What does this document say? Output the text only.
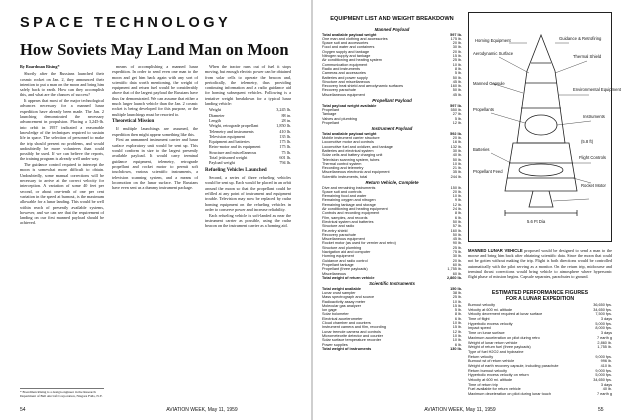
SPACE TECHNOLOGY
How Soviets May Land Man on Moon

By Boardman Rising*

Shortly after the Russians launched their cosmic rocket on Jan. 2, they announced their intention to put a man on the moon and bring him safely back to earth. How can they accomplish this, and what are the chances of success?

It appears that most of the major technological advances necessary for a manned lunar expedition have already been made. The Jan. 2 launching demonstrated the necessary advancement in propulsion. Placing a 3,245-lb. into orbit in 1957 indicated a reasonable knowledge of the techniques required to sustain life in space. The selection of personnel to make the trip should present no problems, and would undoubtedly be more volunteers than could possibly be used. If we can believe the reports, the training program is already well under way.

The guidance control required to intercept the moon is somewhat more difficult to obtain. Undoubtedly, some manual corrections will be necessary to arrive at the correct velocity for interception. A variation of some 40 feet per second, or about one-tenth of one per cent variation in the speed at burnout, is the maximum allowable for a lunar landing. This would be well within reach of presently available systems, however, and we can see that the requirement of landing on our first manned payload should be achieved.

* Boardman Rising is a design engineer in the Research Department of Bell Aircraft Corporation, Niagara Falls, N.Y.

means of accomplishing a manned lunar expedition. In order to send even one man to the moon and get him back again with any sort of scientific data worth mentioning, the weight of equipment and return fuel would be considerably above that of the largest payload the Russians have thus far demonstrated. We can assume that either a much larger launch vehicle than the Jan. 2 cosmic rocket is being developed for this purpose, or the multiple launchings must be resorted to.

Theoretical Mission

If multiple launchings are assumed, the expedition then might appear something like this.

First an unmanned instrument carrier and lunar surface exploratory unit would be sent up. This would conform in size to the largest presently available payload. It would carry terminal guidance equipment, telemetry, retrograde propellant and rocket motor to permit soft touchdown, various scientific instruments, a television scanning system, and a means of locomotion on the lunar surface. The Russians have even sent us a dummy instrument package.

When the tractor runs out of fuel it stops moving, but enough electric power can be obtained from solar cells to operate the beacon and, periodically, the telemetry, thus providing continuing information and a radio guidance aid for homing subsequent vehicles. Following is a tentative weight breakdown for a typical lunar landing vehicle:

Weight	3,245 lb.
Diameter	88 in.
Length	28 in.
Weight, retrograde propellant	1,850 lb.
Telemetry and instruments	410 lb.
Television equipment	135 lb.
Equipment and batteries	175 lb.
Retro-motor and its equipment	175 lb.
Structure and miscellaneous	75 lb.
Total jettisoned weight	601 lb.
Payload weight	794 lb.
Refueling Vehicles Launched

Second, a series of three refueling vehicles would be sent up. Each would be placed in an orbit around the moon so that the propellant could be refilled at any point of instrument and equipment trouble. Television may now be replaced by radar homing equipment on the refueling vehicles in order to conserve power and increase reliability.

Each refueling vehicle is soft-landed as near the instrument carrier as possible, using the radar beacon on the instrument carrier as a homing aid.

54	AVIATION WEEK, May 11, 1959
EQUIPMENT LIST AND WEIGHT BREAKDOWN
Manned Payload
Total available payload weight	597 lb.
One man and clothing and accessories	175 lb.
Space suit and accessories	20 lb.
Food and water and containers	30 lb.
Oxygen supply and tankage	20 lb.
Nitrogen supply and tankage	15 lb.
Air conditioning and heating system	25 lb.
Communication equipment	10 lb.
Radio and instruments	8 lb.
Cameras and accessories	5 lb.
Batteries and power supply	50 lb.
Structure and miscellaneous	45 lb.
Recovery heat shield and aerodynamic surfaces	160 lb.
Recovery parachute	50 lb.
Miscellaneous equipment	45 lb.
Propellant Payload
Total payload weight available	597 lb.
Propellant	550 lb.
Tankage	27 lb.
Valves and plumbing	5 lb.
Propellant	12 lb.
Instrument Payload
Total available payload weight	592 lb.
Mobile instrument carrier structure	20 lb.
Locomotive motor and controls	16 lb.
Locomotive fuel and oxidizer, and tankage	132 lb.
Batteries and electrical system	30 lb.
Solar cells and battery charging unit	40 lb.
Television scanning system, tubes	50 lb.
Thermal control system	10 lb.
Recording and telemetry	21 lb.
Miscellaneous electronic and equipment	35 lb.
Scientific instruments, total	244 lb.
Return Vehicle, Complete
Dive and remaining instruments	150 lb.
Space suit and controls	20 lb.
Remaining food and water	10 lb.
Remaining oxygen and nitrogen	9 lb.
Remaining tankage and storage	12 lb.
Air conditioning and heating equipment	24 lb.
Controls and recording equipment	8 lb.
Film, samples, and records	6 lb.
Electrical system and batteries	50 lb.
Structure and radio	57 lb.
Re-entry shield	160 lb.
Recovery parachute	50 lb.
Miscellaneous equipment	45 lb.
Rocket motor (as used for vernier and retro)	90 lb.
Structure and plumbing	25 lb.
Navigation aid and computer	75 lb.
Homing equipment	30 lb.
Guidance and radio control	20 lb.
Propellant tankage	60 lb.
Propellant (three payloads)	1,755 lb.
Miscellaneous	60 lb.
Total weight of return vehicle	2,860 lb.
Scientific Instruments
Total weight available	150 lb.
Lunar crust sampler	38 lb.
Mass spectrograph and source	25 lb.
Radioactivity assay meter	10 lb.
Molecular gas analyzer	15 lb.
Ion gage	5 lb.
Solar bolometer	8 lb.
Electrical accelerometer	6 lb.
Cloud chamber and counters	10 lb.
Instrument camera and film, recording	15 lb.
Lunar tremole camera and controls	12 lb.
Micrometeorite detector and counter	10 lb.
Solar surface temperature recorder	10 lb.
Power supplies	6 lb.
Total weight of instruments	130 lb.
Homing Equipment	Guidance & Retrofiring
Aerodynamic Surface
Thermal Shield
Manned Capsule
Environmental Equipment
Propellants
Instruments
Batteries
Flight Controls
Propellant Feed
Rocket Motor
(5.8 ft)
5.6 Ft Dia
MANNED LUNAR VEHICLE proposed would be designed to send a man to the moose and bring him back after obtaining scientific data. Since the moon that could not be gotten without making the trip. Flight is both directions would be controlled automatically with the pilot serving as a monitor. On the return trip, midcourse and terminal thrust corrections would bring vehicle to atmosphere where hypersonic flight phase of mission begins. Capsule separates, parachutes to ground.
ESTIMATED PERFORMANCE FIGURES
FOR A LUNAR EXPEDITION
Burnout velocity	36,650 fps.
Velocity at 600 mi. altitude	34,650 fps.
Velocity decrement required at lunar surface	7,500 fps.
Time of flight	3 days
Hyperbolic excess velocity	5,000 fps.
Impact speed	8,000 fps.
Time on lunar surface	3 days
Maximum acceleration on pilot during retro	7 earth g
Weight of lunar return vehicle	2,860 lb.
Weight of return fuel (three payloads)	1,755 lb.
Type of fuel H2O2 and hydrazine
Return velocity	9,000 fps.
Burnout wt of return vehicle	996 lb.
Weight of earth recovery capsule, including parachute	410 lb.
Return burnout velocity	9,000 fps.
Hyperbolic excess velocity on return	5,000 fps.
Velocity at 600 mi. altitude	34,650 fps.
Time of return trip	3 days
Fuel available for return vehicle	40 lb.
Maximum deceleration on pilot during lunar touch	7 earth g
AVIATION WEEK, May 11, 1959	55
